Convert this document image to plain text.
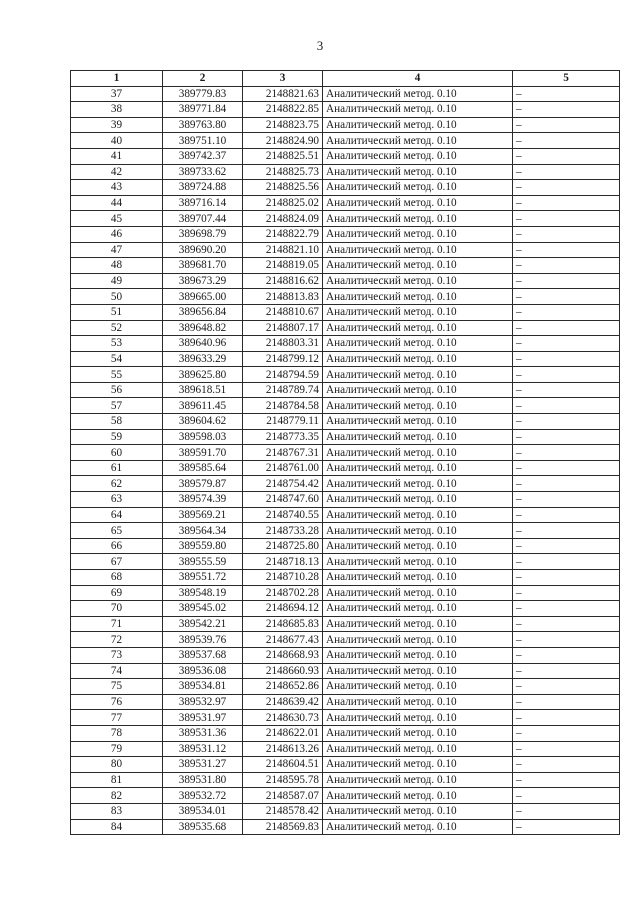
3
1	2	3	4	5
37	389779.83	2148821.63	Аналитический метод. 0.10	–
38	389771.84	2148822.85	Аналитический метод. 0.10	–
39	389763.80	2148823.75	Аналитический метод. 0.10	–
40	389751.10	2148824.90	Аналитический метод. 0.10	–
41	389742.37	2148825.51	Аналитический метод. 0.10	–
42	389733.62	2148825.73	Аналитический метод. 0.10	–
43	389724.88	2148825.56	Аналитический метод. 0.10	–
44	389716.14	2148825.02	Аналитический метод. 0.10	–
45	389707.44	2148824.09	Аналитический метод. 0.10	–
46	389698.79	2148822.79	Аналитический метод. 0.10	–
47	389690.20	2148821.10	Аналитический метод. 0.10	–
48	389681.70	2148819.05	Аналитический метод. 0.10	–
49	389673.29	2148816.62	Аналитический метод. 0.10	–
50	389665.00	2148813.83	Аналитический метод. 0.10	–
51	389656.84	2148810.67	Аналитический метод. 0.10	–
52	389648.82	2148807.17	Аналитический метод. 0.10	–
53	389640.96	2148803.31	Аналитический метод. 0.10	–
54	389633.29	2148799.12	Аналитический метод. 0.10	–
55	389625.80	2148794.59	Аналитический метод. 0.10	–
56	389618.51	2148789.74	Аналитический метод. 0.10	–
57	389611.45	2148784.58	Аналитический метод. 0.10	–
58	389604.62	2148779.11	Аналитический метод. 0.10	–
59	389598.03	2148773.35	Аналитический метод. 0.10	–
60	389591.70	2148767.31	Аналитический метод. 0.10	–
61	389585.64	2148761.00	Аналитический метод. 0.10	–
62	389579.87	2148754.42	Аналитический метод. 0.10	–
63	389574.39	2148747.60	Аналитический метод. 0.10	–
64	389569.21	2148740.55	Аналитический метод. 0.10	–
65	389564.34	2148733.28	Аналитический метод. 0.10	–
66	389559.80	2148725.80	Аналитический метод. 0.10	–
67	389555.59	2148718.13	Аналитический метод. 0.10	–
68	389551.72	2148710.28	Аналитический метод. 0.10	–
69	389548.19	2148702.28	Аналитический метод. 0.10	–
70	389545.02	2148694.12	Аналитический метод. 0.10	–
71	389542.21	2148685.83	Аналитический метод. 0.10	–
72	389539.76	2148677.43	Аналитический метод. 0.10	–
73	389537.68	2148668.93	Аналитический метод. 0.10	–
74	389536.08	2148660.93	Аналитический метод. 0.10	–
75	389534.81	2148652.86	Аналитический метод. 0.10	–
76	389532.97	2148639.42	Аналитический метод. 0.10	–
77	389531.97	2148630.73	Аналитический метод. 0.10	–
78	389531.36	2148622.01	Аналитический метод. 0.10	–
79	389531.12	2148613.26	Аналитический метод. 0.10	–
80	389531.27	2148604.51	Аналитический метод. 0.10	–
81	389531.80	2148595.78	Аналитический метод. 0.10	–
82	389532.72	2148587.07	Аналитический метод. 0.10	–
83	389534.01	2148578.42	Аналитический метод. 0.10	–
84	389535.68	2148569.83	Аналитический метод. 0.10	–
